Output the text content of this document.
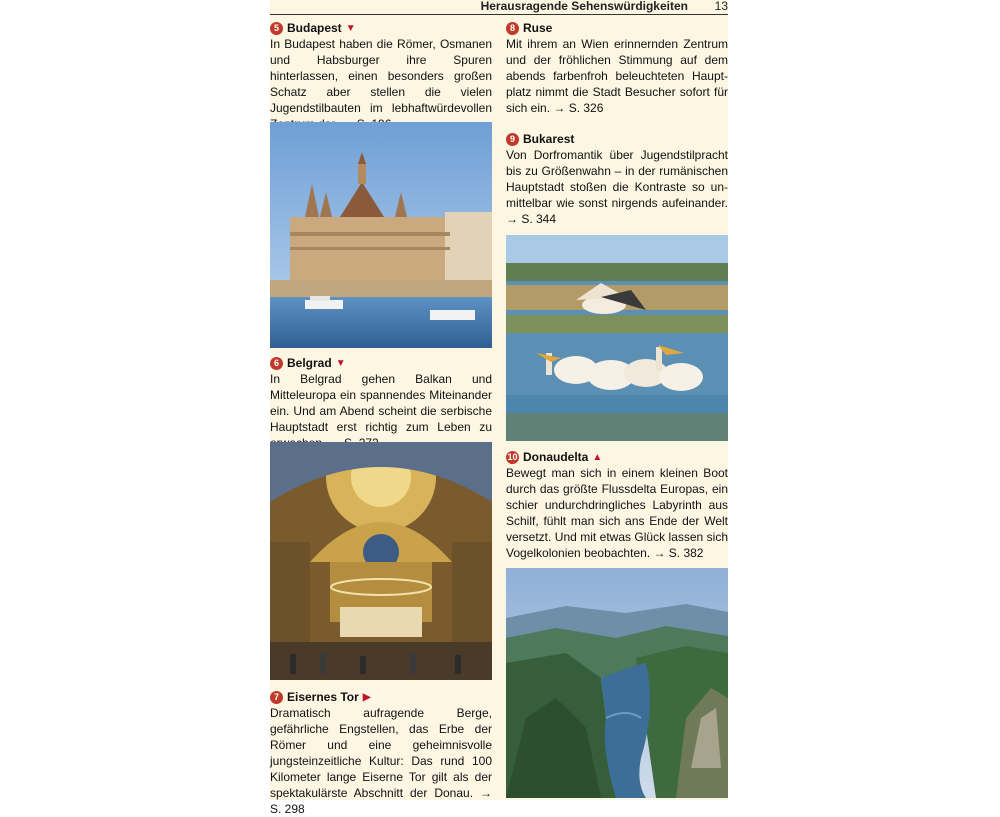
Herausragende Sehenswürdigkeiten 13
5 Budapest ▼
In Budapest haben die Römer, Osmanen und Habsburger ihre Spuren hinterlassen, einen besonders großen Schatz aber stellen die vielen Jugendstilbauten im lebhaftwürdevollen
6 Belgrad ▼
In Belgrad gehen Balkan und Mitteleuropa ein spannendes Miteinander ein. Und am Abend scheint die serbische Hauptstadt erst richtig zum Leben zu
7 Eisernes Tor ▶
Dramatisch aufragende Berge, gefährliche Engstellen, das Erbe der Römer und eine geheimnisvolle jungsteinzeitliche Kultur: Das rund 100 Kilometer lange Eiserne Tor gilt als der spektakulärste Abschnitt der Donau. → S. 298
8 Ruse
Mit ihrem an Wien erinnernden Zentrum und der fröhlichen Stimmung auf dem abends farbenfroh beleuchteten Hauptplatz nimmt die Stadt Besucher sofort für sich ein. → S. 326
9 Bukarest
Von Dorfromantik über Jugendstilpracht bis zu Größenwahn – in der rumänischen Hauptstadt stoßen die Kontraste so unmittelbar wie sonst nirgends aufeinander. → S. 344
10 Donaudelta ▲
Bewegt man sich in einem kleinen Boot durch das größte Flussdelta Europas, ein schier undurchdringliches Labyrinth aus Schilf, fühlt man sich ans Ende der Welt versetzt. Und mit etwas Glück lassen sich Vogelkolonien beobachten. → S. 382
